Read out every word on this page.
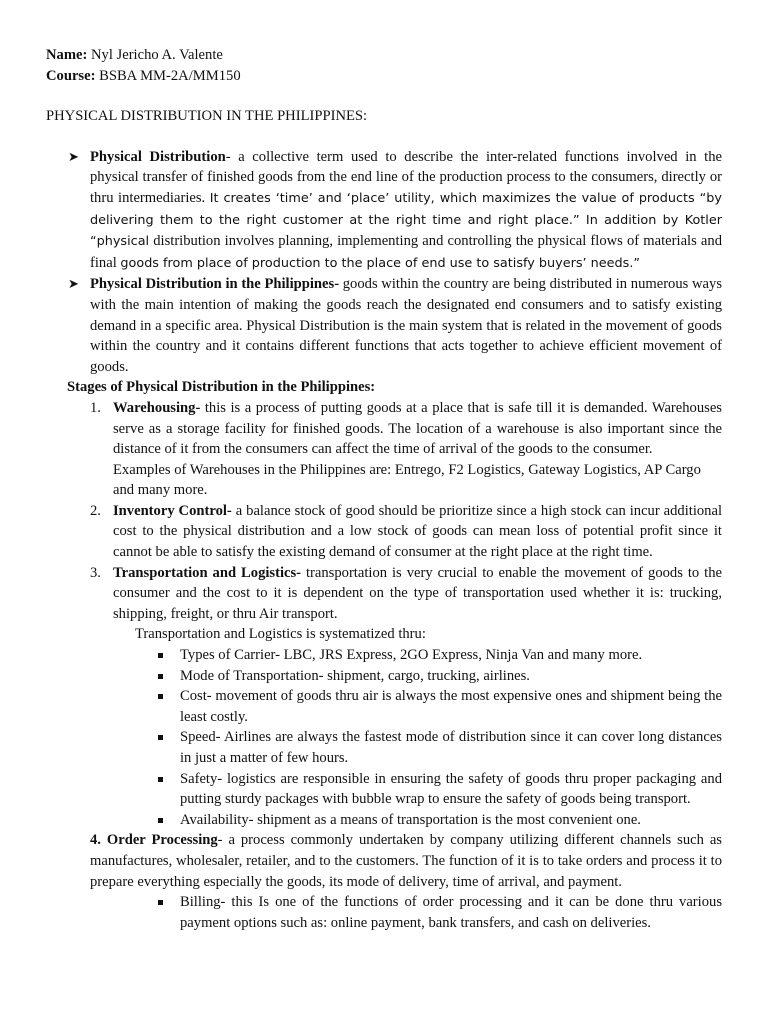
Name: Nyl Jericho A. Valente

Course: BSBA MM-2A/MM150

PHYSICAL DISTRIBUTION IN THE PHILIPPINES:

➤ Physical Distribution- a collective term used to describe the inter-related functions involved in the physical transfer of finished goods from the end line of the production process to the consumers, directly or thru intermediaries. It creates ‘time’ and ‘place’ utility, which maximizes the value of products “by delivering them to the right customer at the right time and right place.” In addition by Kotler “physical distribution involves planning, implementing and controlling the physical flows of materials and final goods from place of production to the place of end use to satisfy buyers’ needs.”

➤ Physical Distribution in the Philippines- goods within the country are being distributed in numerous ways with the main intention of making the goods reach the designated end consumers and to satisfy existing demand in a specific area. Physical Distribution is the main system that is related in the movement of goods within the country and it contains different functions that acts together to achieve efficient movement of goods.

Stages of Physical Distribution in the Philippines:

1. Warehousing- this is a process of putting goods at a place that is safe till it is demanded. Warehouses serve as a storage facility for finished goods. The location of a warehouse is also important since the distance of it from the consumers can affect the time of arrival of the goods to the consumer.

Examples of Warehouses in the Philippines are: Entrego, F2 Logistics, Gateway Logistics, AP Cargo and many more.

2. Inventory Control- a balance stock of good should be prioritize since a high stock can incur additional cost to the physical distribution and a low stock of goods can mean loss of potential profit since it cannot be able to satisfy the existing demand of consumer at the right place at the right time.

3. Transportation and Logistics- transportation is very crucial to enable the movement of goods to the consumer and the cost to it is dependent on the type of transportation used whether it is: trucking, shipping, freight, or thru Air transport.

Transportation and Logistics is systematized thru:

Types of Carrier- LBC, JRS Express, 2GO Express, Ninja Van and many more.

Mode of Transportation- shipment, cargo, trucking, airlines.

Cost- movement of goods thru air is always the most expensive ones and shipment being the least costly.

Speed- Airlines are always the fastest mode of distribution since it can cover long distances in just a matter of few hours.

Safety- logistics are responsible in ensuring the safety of goods thru proper packaging and putting sturdy packages with bubble wrap to ensure the safety of goods being transport.

Availability- shipment as a means of transportation is the most convenient one.

4. Order Processing- a process commonly undertaken by company utilizing different channels such as manufactures, wholesaler, retailer, and to the customers. The function of it is to take orders and process it to prepare everything especially the goods, its mode of delivery, time of arrival, and payment.

Billing- this Is one of the functions of order processing and it can be done thru various payment options such as: online payment, bank transfers, and cash on deliveries.
